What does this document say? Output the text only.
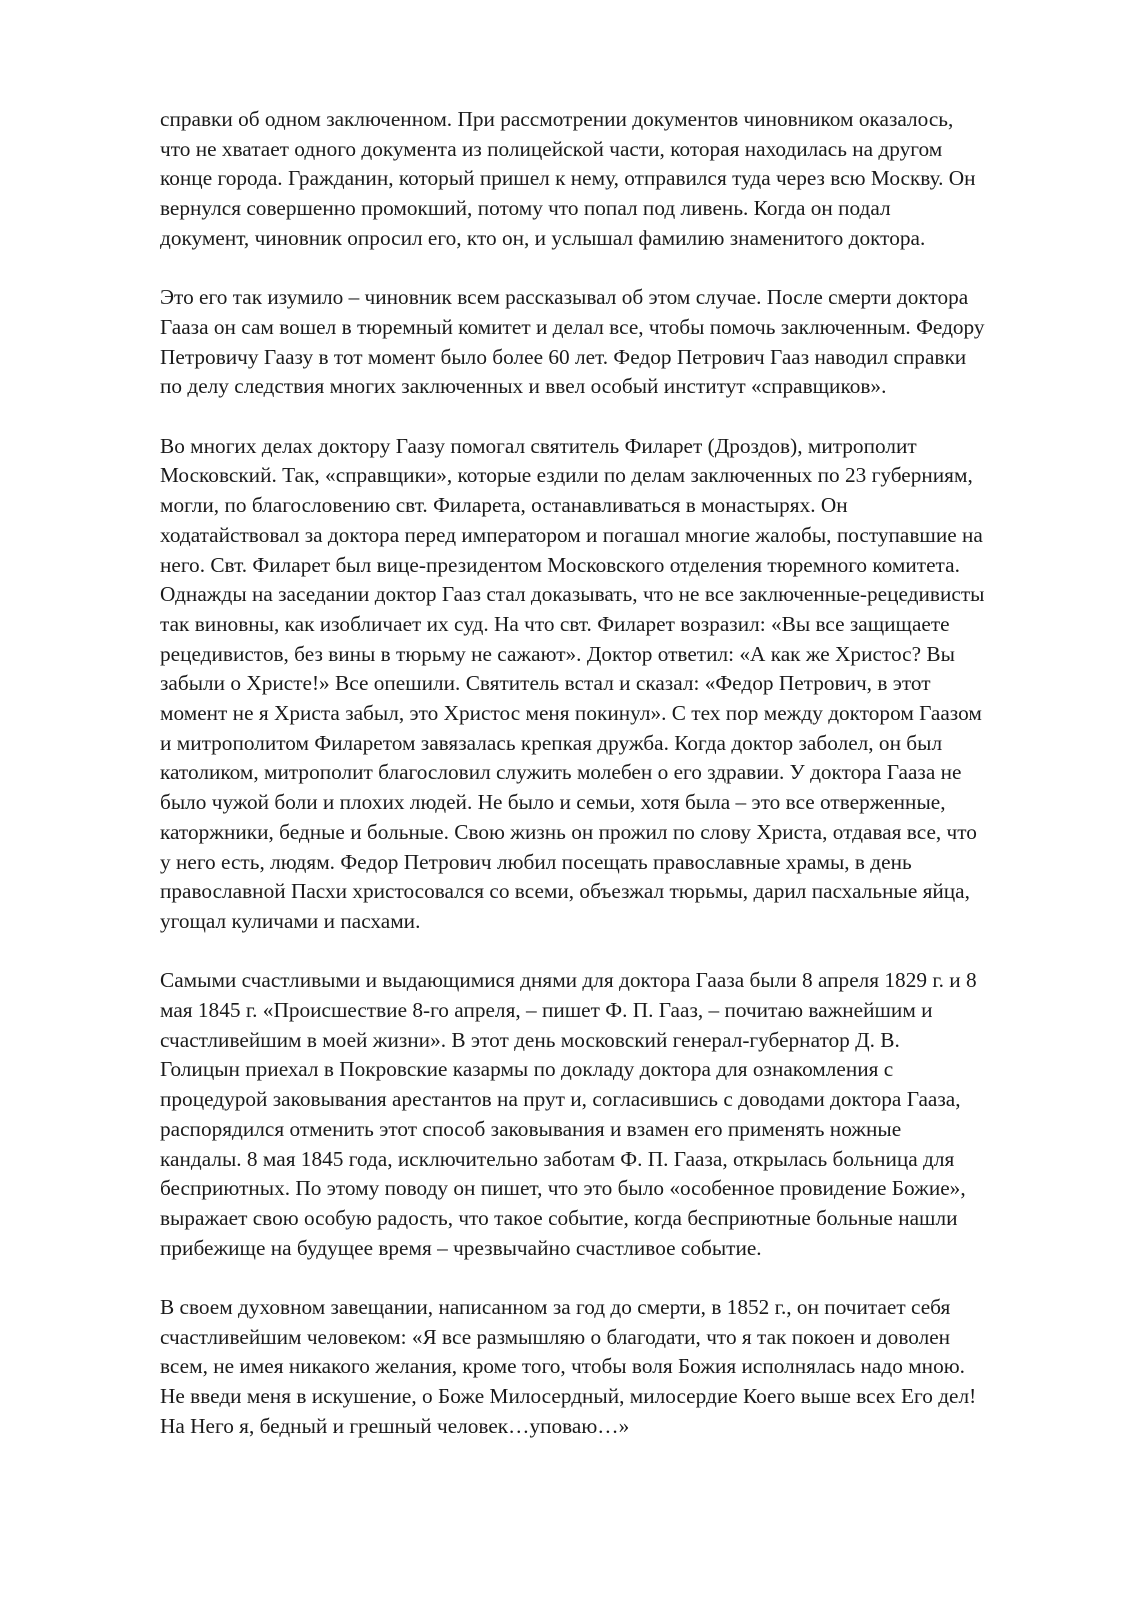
справки об одном заключенном. При рассмотрении документов чиновником оказалось,
что не хватает одного документа из полицейской части, которая находилась на другом
конце города. Гражданин, который пришел к нему, отправился туда через всю Москву. Он
вернулся совершенно промокший, потому что попал под ливень. Когда он подал
документ, чиновник опросил его, кто он, и услышал фамилию знаменитого доктора.
Это его так изумило – чиновник всем рассказывал об этом случае. После смерти доктора
Гааза он сам вошел в тюремный комитет и делал все, чтобы помочь заключенным. Федору
Петровичу Гаазу в тот момент было более 60 лет. Федор Петрович Гааз наводил справки
по делу следствия многих заключенных и ввел особый институт «справщиков».
Во многих делах доктору Гаазу помогал святитель Филарет (Дроздов), митрополит
Московский. Так, «справщики», которые ездили по делам заключенных по 23 губерниям,
могли, по благословению свт. Филарета, останавливаться в монастырях. Он
ходатайствовал за доктора перед императором и погашал многие жалобы, поступавшие на
него. Свт. Филарет был вице-президентом Московского отделения тюремного комитета.
Однажды на заседании доктор Гааз стал доказывать, что не все заключенные-рецедивисты
так виновны, как изобличает их суд. На что свт. Филарет возразил: «Вы все защищаете
рецедивистов, без вины в тюрьму не сажают». Доктор ответил: «А как же Христос? Вы
забыли о Христе!» Все опешили. Святитель встал и сказал: «Федор Петрович, в этот
момент не я Христа забыл, это Христос меня покинул». С тех пор между доктором Гаазом
и митрополитом Филаретом завязалась крепкая дружба. Когда доктор заболел, он был
католиком, митрополит благословил служить молебен о его здравии. У доктора Гааза не
было чужой боли и плохих людей. Не было и семьи, хотя была – это все отверженные,
каторжники, бедные и больные. Свою жизнь он прожил по слову Христа, отдавая все, что
у него есть, людям. Федор Петрович любил посещать православные храмы, в день
православной Пасхи христосовался со всеми, объезжал тюрьмы, дарил пасхальные яйца,
угощал куличами и пасхами.
Самыми счастливыми и выдающимися днями для доктора Гааза были 8 апреля 1829 г. и 8
мая 1845 г. «Происшествие 8-го апреля, – пишет Ф. П. Гааз, – почитаю важнейшим и
счастливейшим в моей жизни». В этот день московский генерал-губернатор Д. В.
Голицын приехал в Покровские казармы по докладу доктора для ознакомления с
процедурой заковывания арестантов на прут и, согласившись с доводами доктора Гааза,
распорядился отменить этот способ заковывания и взамен его применять ножные
кандалы. 8 мая 1845 года, исключительно заботам Ф. П. Гааза, открылась больница для
бесприютных. По этому поводу он пишет, что это было «особенное провидение Божие»,
выражает свою особую радость, что такое событие, когда бесприютные больные нашли
прибежище на будущее время – чрезвычайно счастливое событие.
В своем духовном завещании, написанном за год до смерти, в 1852 г., он почитает себя
счастливейшим человеком: «Я все размышляю о благодати, что я так покоен и доволен
всем, не имея никакого желания, кроме того, чтобы воля Божия исполнялась надо мною.
Не введи меня в искушение, о Боже Милосердный, милосердие Коего выше всех Его дел!
На Него я, бедный и грешный человек…уповаю…»
